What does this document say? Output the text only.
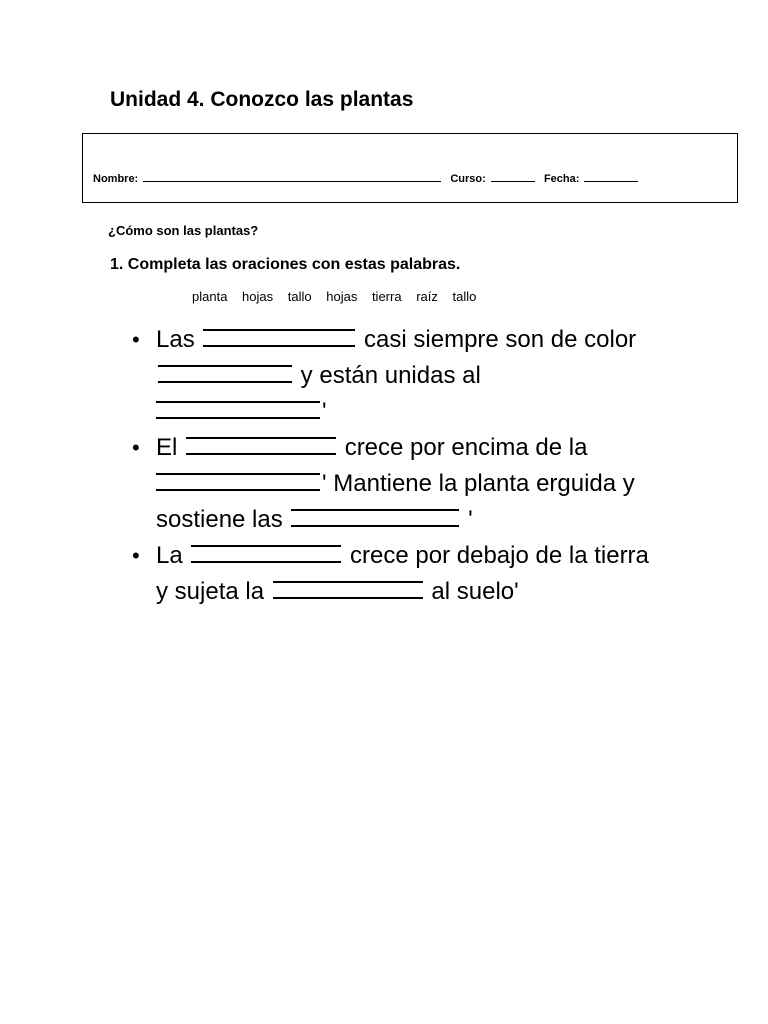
Unidad 4. Conozco las plantas
Nombre:	Curso:	Fecha:

¿Cómo son las plantas?

1. Completa las oraciones con estas palabras.

planta hojas tallo hojas tierra raíz tallo
• Las	casi siempre son de color  y están unidas al '
• El	crece por encima de la ' Mantiene la planta erguida y sostiene las	'
• La	crece por debajo de la tierra y sujeta la	al suelo'
